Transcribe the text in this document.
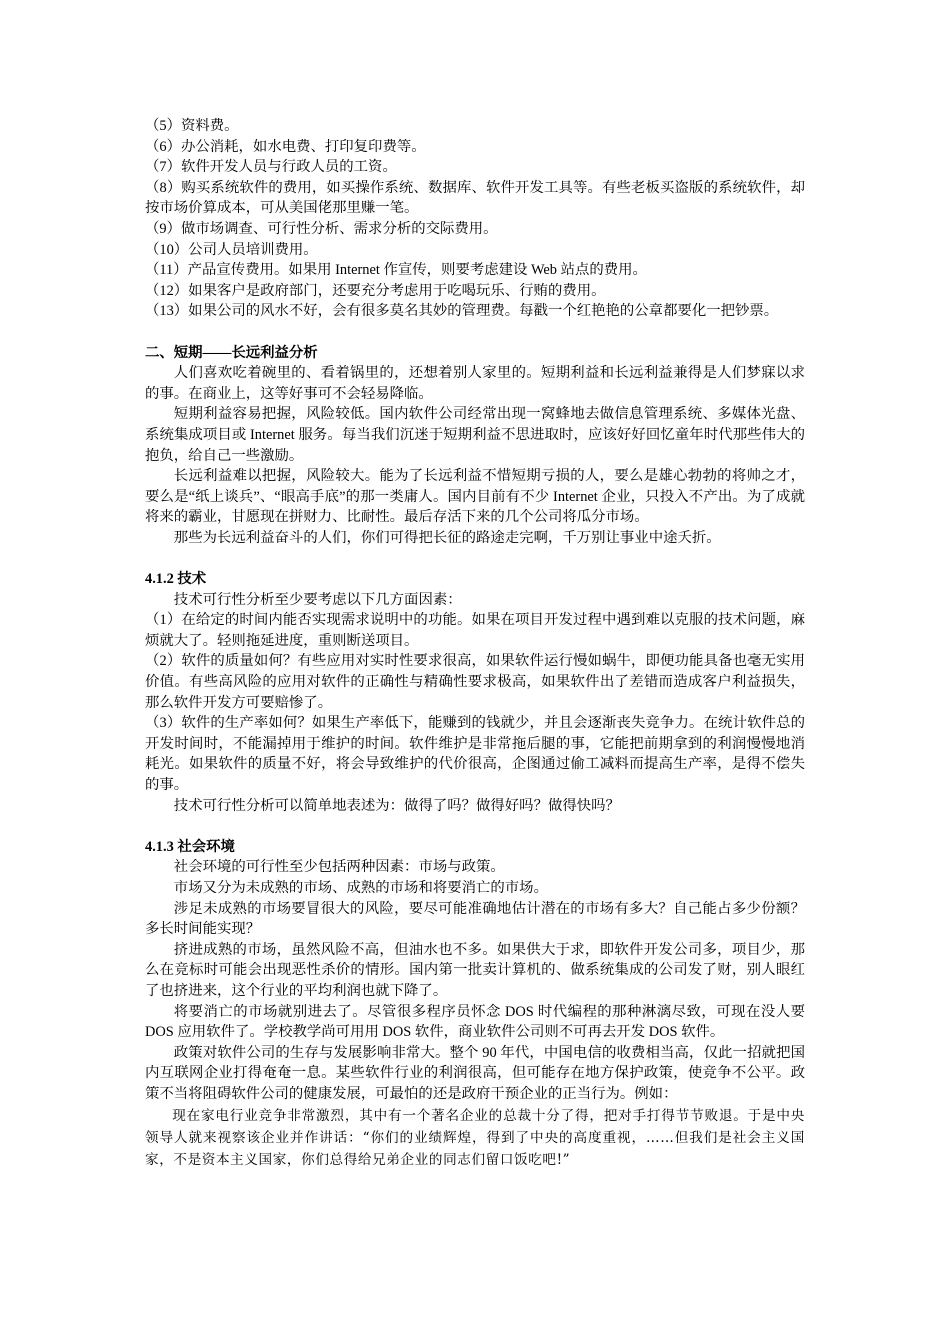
（5）资料费。

（6）办公消耗，如水电费、打印复印费等。

（7）软件开发人员与行政人员的工资。

（8）购买系统软件的费用，如买操作系统、数据库、软件开发工具等。有些老板买盗版的系统软件，却按市场价算成本，可从美国佬那里赚一笔。

（9）做市场调查、可行性分析、需求分析的交际费用。

（10）公司人员培训费用。

（11）产品宣传费用。如果用 Internet 作宣传，则要考虑建设 Web 站点的费用。

（12）如果客户是政府部门，还要充分考虑用于吃喝玩乐、行贿的费用。

（13）如果公司的风水不好，会有很多莫名其妙的管理费。每戳一个红艳艳的公章都要化一把钞票。

二、短期——长远利益分析

人们喜欢吃着碗里的、看着锅里的，还想着别人家里的。短期利益和长远利益兼得是人们梦寐以求的事。在商业上，这等好事可不会轻易降临。

短期利益容易把握，风险较低。国内软件公司经常出现一窝蜂地去做信息管理系统、多媒体光盘、系统集成项目或 Internet 服务。每当我们沉迷于短期利益不思进取时，应该好好回忆童年时代那些伟大的抱负，给自己一些激励。

长远利益难以把握，风险较大。能为了长远利益不惜短期亏损的人，要么是雄心勃勃的将帅之才，要么是“纸上谈兵”、“眼高手底”的那一类庸人。国内目前有不少 Internet 企业，只投入不产出。为了成就将来的霸业，甘愿现在拼财力、比耐性。最后存活下来的几个公司将瓜分市场。

那些为长远利益奋斗的人们，你们可得把长征的路途走完啊，千万别让事业中途夭折。

4.1.2 技术

技术可行性分析至少要考虑以下几方面因素：

（1）在给定的时间内能否实现需求说明中的功能。如果在项目开发过程中遇到难以克服的技术问题，麻烦就大了。轻则拖延进度，重则断送项目。

（2）软件的质量如何？有些应用对实时性要求很高，如果软件运行慢如蜗牛，即便功能具备也毫无实用价值。有些高风险的应用对软件的正确性与精确性要求极高，如果软件出了差错而造成客户利益损失，那么软件开发方可要赔惨了。

（3）软件的生产率如何？如果生产率低下，能赚到的钱就少，并且会逐渐丧失竞争力。在统计软件总的开发时间时，不能漏掉用于维护的时间。软件维护是非常拖后腿的事，它能把前期拿到的利润慢慢地消耗光。如果软件的质量不好，将会导致维护的代价很高，企图通过偷工减料而提高生产率，是得不偿失的事。

技术可行性分析可以简单地表述为：做得了吗？做得好吗？做得快吗？

4.1.3 社会环境

社会环境的可行性至少包括两种因素：市场与政策。

市场又分为未成熟的市场、成熟的市场和将要消亡的市场。

涉足未成熟的市场要冒很大的风险，要尽可能准确地估计潜在的市场有多大？自己能占多少份额？多长时间能实现？

挤进成熟的市场，虽然风险不高，但油水也不多。如果供大于求，即软件开发公司多，项目少，那么在竞标时可能会出现恶性杀价的情形。国内第一批卖计算机的、做系统集成的公司发了财，别人眼红了也挤进来，这个行业的平均利润也就下降了。

将要消亡的市场就别进去了。尽管很多程序员怀念 DOS 时代编程的那种淋漓尽致，可现在没人要 DOS 应用软件了。学校教学尚可用用 DOS 软件，商业软件公司则不可再去开发 DOS 软件。

政策对软件公司的生存与发展影响非常大。整个 90 年代，中国电信的收费相当高，仅此一招就把国内互联网企业打得奄奄一息。某些软件行业的利润很高，但可能存在地方保护政策，使竞争不公平。政策不当将阻碍软件公司的健康发展，可最怕的还是政府干预企业的正当行为。例如：

现在家电行业竞争非常激烈，其中有一个著名企业的总裁十分了得，把对手打得节节败退。于是中央领导人就来视察该企业并作讲话：“你们的业绩辉煌，得到了中央的高度重视，……但我们是社会主义国家，不是资本主义国家，你们总得给兄弟企业的同志们留口饭吃吧!”
